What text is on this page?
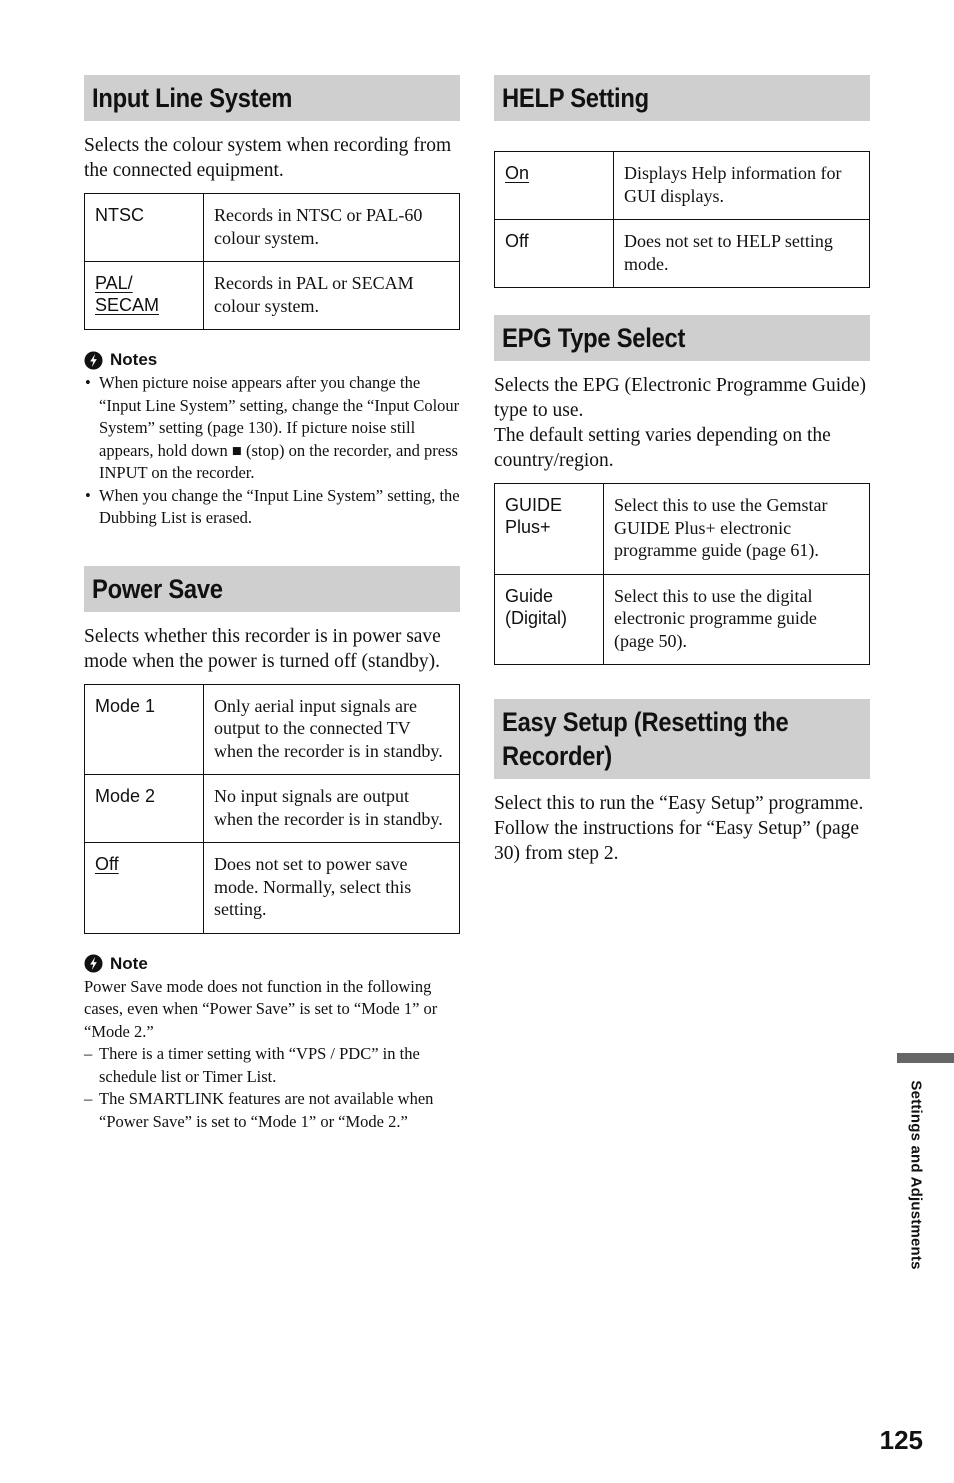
Input Line System

Selects the colour system when recording from the connected equipment.

NTSC	Records in NTSC or PAL-60 colour system.
PAL/ SECAM	Records in PAL or SECAM colour system.
Notes
• When picture noise appears after you change the “Input Line System” setting, change the “Input Colour System” setting (page 130). If picture noise still appears, hold down ■ (stop) on the recorder, and press INPUT on the recorder.
• When you change the “Input Line System” setting, the Dubbing List is erased.
Power Save

Selects whether this recorder is in power save mode when the power is turned off (standby).

Mode 1	Only aerial input signals are output to the connected TV when the recorder is in standby.
Mode 2	No input signals are output when the recorder is in standby.
Off	Does not set to power save mode. Normally, select this setting.
Note

Power Save mode does not function in the following cases, even when “Power Save” is set to “Mode 1” or “Mode 2.”

– There is a timer setting with “VPS / PDC” in the schedule list or Timer List.
– The SMARTLINK features are not available when “Power Save” is set to “Mode 1” or “Mode 2.”
HELP Setting
On	Displays Help information for GUI displays.
Off	Does not set to HELP setting mode.
EPG Type Select

Selects the EPG (Electronic Programme Guide) type to use.

The default setting varies depending on the country/region.

GUIDE Plus+	Select this to use the Gemstar GUIDE Plus+ electronic programme guide (page 61).
Guide (Digital)	Select this to use the digital electronic programme guide (page 50).
Easy Setup (Resetting the
Recorder)

Select this to run the “Easy Setup” programme.

Follow the instructions for “Easy Setup” (page 30) from step 2.

Settings and Adjustments
125
